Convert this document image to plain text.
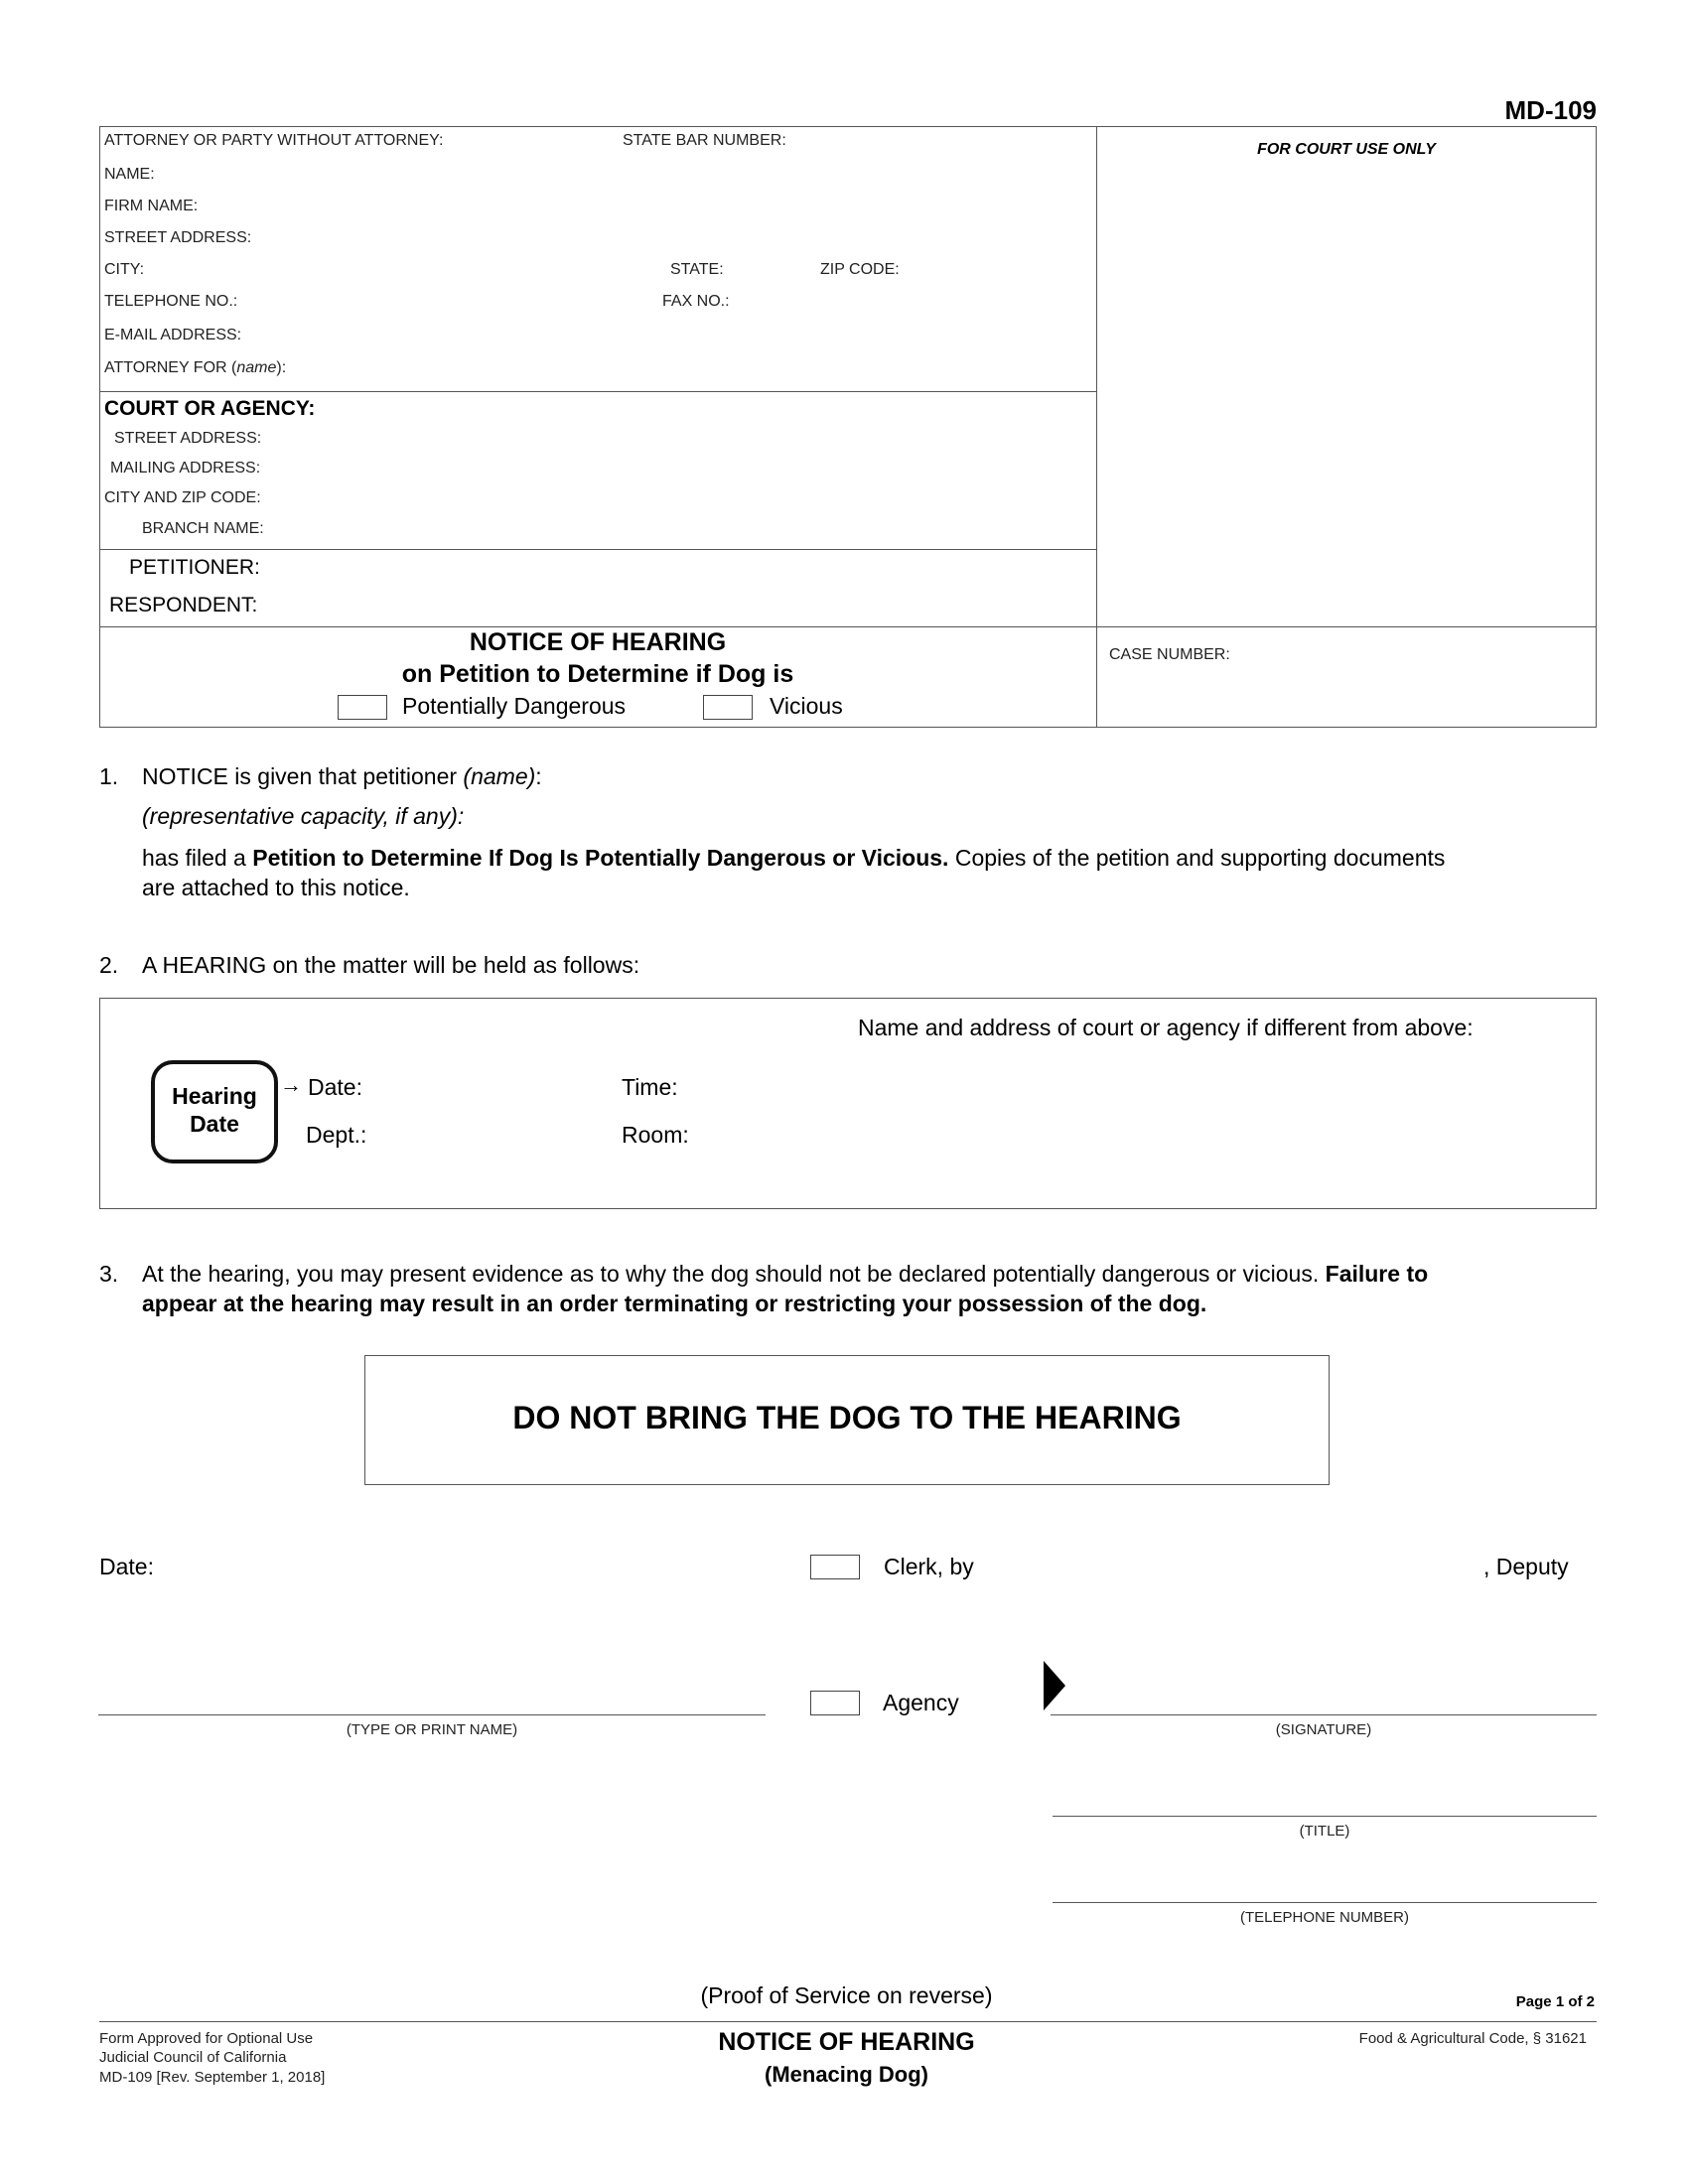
MD-109
ATTORNEY OR PARTY WITHOUT ATTORNEY:	STATE BAR NUMBER:
NAME:
FIRM NAME:
STREET ADDRESS:
CITY:	STATE:	ZIP CODE:
TELEPHONE NO.:	FAX NO.:
E-MAIL ADDRESS:
ATTORNEY FOR (name):
FOR COURT USE ONLY
COURT OR AGENCY:
STREET ADDRESS:
MAILING ADDRESS:
CITY AND ZIP CODE:
BRANCH NAME:
PETITIONER:
RESPONDENT:
NOTICE OF HEARING
on Petition to Determine if Dog is
Potentially Dangerous	Vicious
CASE NUMBER:
1. NOTICE is given that petitioner (name):
(representative capacity, if any):
has filed a Petition to Determine If Dog Is Potentially Dangerous or Vicious. Copies of the petition and supporting documents
are attached to this notice.
2. A HEARING on the matter will be held as follows:
Name and address of court or agency if different from above:
Hearing
Date
→ Date:	Time:
Dept.:	Room:
3. At the hearing, you may present evidence as to why the dog should not be declared potentially dangerous or vicious. Failure to
appear at the hearing may result in an order terminating or restricting your possession of the dog.
DO NOT BRING THE DOG TO THE HEARING
Date:	Clerk, by	, Deputy
Agency
(TYPE OR PRINT NAME)	(SIGNATURE)
(TITLE)
(TELEPHONE NUMBER)
(Proof of Service on reverse)	Page 1 of 2
Form Approved for Optional Use
Judicial Council of California
MD-109 [Rev. September 1, 2018]
NOTICE OF HEARING
(Menacing Dog)
Food & Agricultural Code, § 31621
